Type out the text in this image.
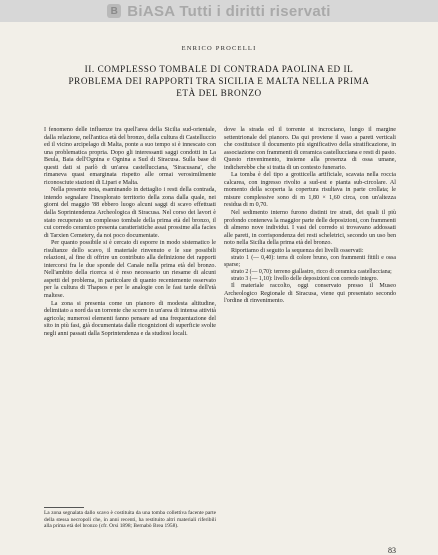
B BiASA Tutti i diritti riservati
ENRICO PROCELLI
II. COMPLESSO TOMBALE DI CONTRADA PAOLINA ED IL PROBLEMA DEI RAPPORTI TRA SICILIA E MALTA NELLA PRIMA ETÀ DEL BRONZO

I fenomeno delle influenze tra quell'area della Sicilia sud-orientale, dalla relazione, nell'antica età del bronzo, della cultura di Castelluccio ed il vicino arcipelago di Malta, ponte a suo tempo si è innescato con una problematica propria. Dopo gli interessanti saggi condotti in La Beula, Baia dell'Ognina e Ognina a Sud di Siracusa. Sulla base di questi dati si parlò di un'area castellucciana, 'Siracusana', che rimaneva quasi emarginata rispetto alle ormai verosimilmente riconosciute stazioni di Lipari e Malta.

Nella presente nota, esaminando in dettaglio i resti della contrada, intendo segnalare l'inesplorato territorio della zona dalla quale, nei giorni del maggio '88 ebbero luogo alcuni saggi di scavo effettuati dalla Soprintendenza Archeologica di Siracusa. Nel corso dei lavori è stato recuperato un complesso tombale della prima età del bronzo, il cui corredo ceramico presenta caratteristiche assai prossime alla facies di Tarxien Cemetery, da noi poco documentate.

Per quanto possibile si è cercato di esporre in modo sistematico le risultanze dello scavo, il materiale rinvenuto e le sue possibili relazioni, al fine di offrire un contributo alla definizione dei rapporti intercorsi fra le due sponde del Canale nella prima età del bronzo. Nell'ambito della ricerca si è reso necessario un riesame di alcuni aspetti del problema, in particolare di quanto recentemente osservato per la cultura di Thapsos e per le analogie con le fasi tarde dell'età maltese.

La zona si presenta come un pianoro di modesta altitudine, delimitato a nord da un torrente che scorre in un'area di intensa attività agricola; numerosi elementi fanno pensare ad una frequentazione del sito in più fasi, già documentata dalle ricognizioni di superficie svolte negli anni passati dalla Soprintendenza e da studiosi locali.

La zona segnalata dallo scavo è costituita da una tomba collettiva facente parte della stessa necropoli che, in anni recenti, ha restituito altri materiali riferibili alla prima età del bronzo (cfr. Orsi 1898; Bernabò Brea 1958).

dove la strada ed il torrente si incrociano, lungo il margine settentrionale del pianoro. Da qui proviene il vaso a pareti verticali che costituisce il documento più significativo della stratificazione, in associazione con frammenti di ceramica castellucciana e resti di pasto. Questo rinvenimento, insieme alla presenza di ossa umane, indicherebbe che si tratta di un contesto funerario.

La tomba è del tipo a grotticella artificiale, scavata nella roccia calcarea, con ingresso rivolto a sud-est e pianta sub-circolare. Al momento della scoperta la copertura risultava in parte crollata; le misure complessive sono di m 1,80 × 1,60 circa, con un'altezza residua di m 0,70.

Nel sedimento interno furono distinti tre strati, dei quali il più profondo conteneva la maggior parte delle deposizioni, con frammenti di almeno nove individui. I vasi del corredo si trovavano addossati alle pareti, in corrispondenza dei resti scheletrici, secondo un uso ben noto nella Sicilia della prima età del bronzo.

Riportiamo di seguito la sequenza dei livelli osservati:

strato 1 (— 0,40): terra di colore bruno, con frammenti fittili e ossa sparse;

strato 2 (— 0,70): terreno giallastro, ricco di ceramica castellucciana;

strato 3 (— 1,10): livello delle deposizioni con corredo integro.

Il materiale raccolto, oggi conservato presso il Museo Archeologico Regionale di Siracusa, viene qui presentato secondo l'ordine di rinvenimento.

83
